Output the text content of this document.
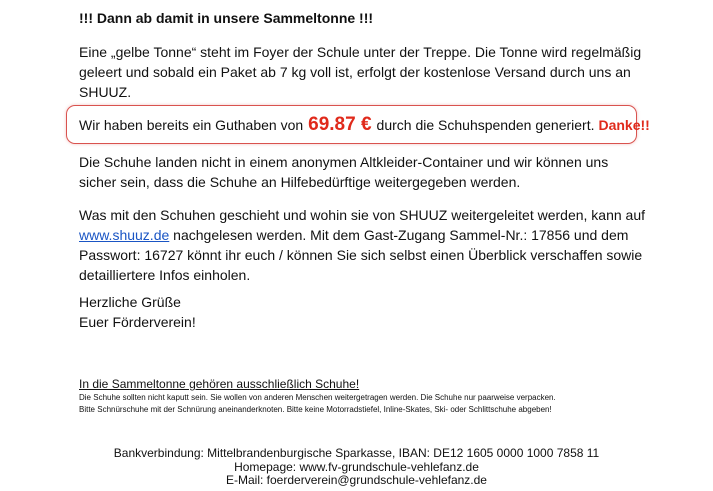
!!! Dann ab damit in unsere Sammeltonne !!!

Eine „gelbe Tonne“ steht im Foyer der Schule unter der Treppe. Die Tonne wird regelmäßig geleert und sobald ein Paket ab 7 kg voll ist, erfolgt der kostenlose Versand durch uns an SHUUZ.

Wir haben bereits ein Guthaben von 69.87 € durch die Schuhspenden generiert. Danke!!

Die Schuhe landen nicht in einem anonymen Altkleider-Container und wir können uns sicher sein, dass die Schuhe an Hilfebedürftige weitergegeben werden.

Was mit den Schuhen geschieht und wohin sie von SHUUZ weitergeleitet werden, kann auf www.shuuz.de nachgelesen werden. Mit dem Gast-Zugang Sammel-Nr.: 17856 und dem Passwort: 16727 könnt ihr euch / können Sie sich selbst einen Überblick verschaffen sowie detailliertere Infos einholen.

Herzliche Grüße
Euer Förderverein!

In die Sammeltonne gehören ausschließlich Schuhe!

Die Schuhe sollten nicht kaputt sein. Sie wollen von anderen Menschen weitergetragen werden. Die Schuhe nur paarweise verpacken.
Bitte Schnürschuhe mit der Schnürung aneinanderknoten. Bitte keine Motorradstiefel, Inline-Skates, Ski- oder Schlittschuhe abgeben!

Bankverbindung: Mittelbrandenburgische Sparkasse, IBAN: DE12 1605 0000 1000 7858 11
Homepage: www.fv-grundschule-vehlefanz.de
E-Mail: foerderverein@grundschule-vehlefanz.de
